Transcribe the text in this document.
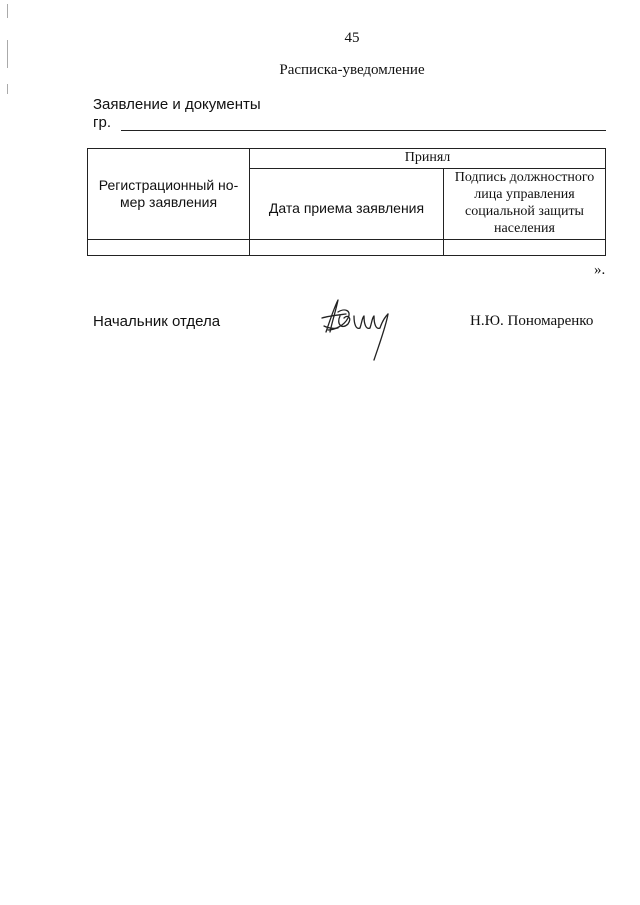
45
Расписка-уведомление
Заявление и документы
гр.
Регистрационный но-мер заявления	Принял	
	Дата приема заявления	Подпись должностного лица управления социальной защиты населения

».
Начальник отдела	Н.Ю. Пономаренко
